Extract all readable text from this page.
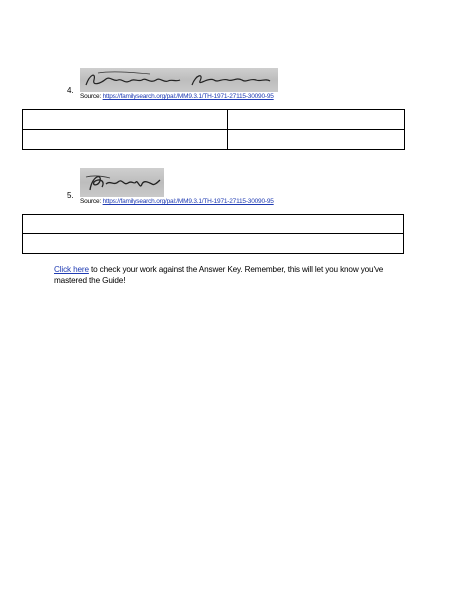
4.
Source: https://familysearch.org/pal:/MM9.3.1/TH-1971-27115-30090-95

5.
Source: https://familysearch.org/pal:/MM9.3.1/TH-1971-27115-30090-95

Click here to check your work against the Answer Key. Remember, this will let you know you've mastered the Guide!
